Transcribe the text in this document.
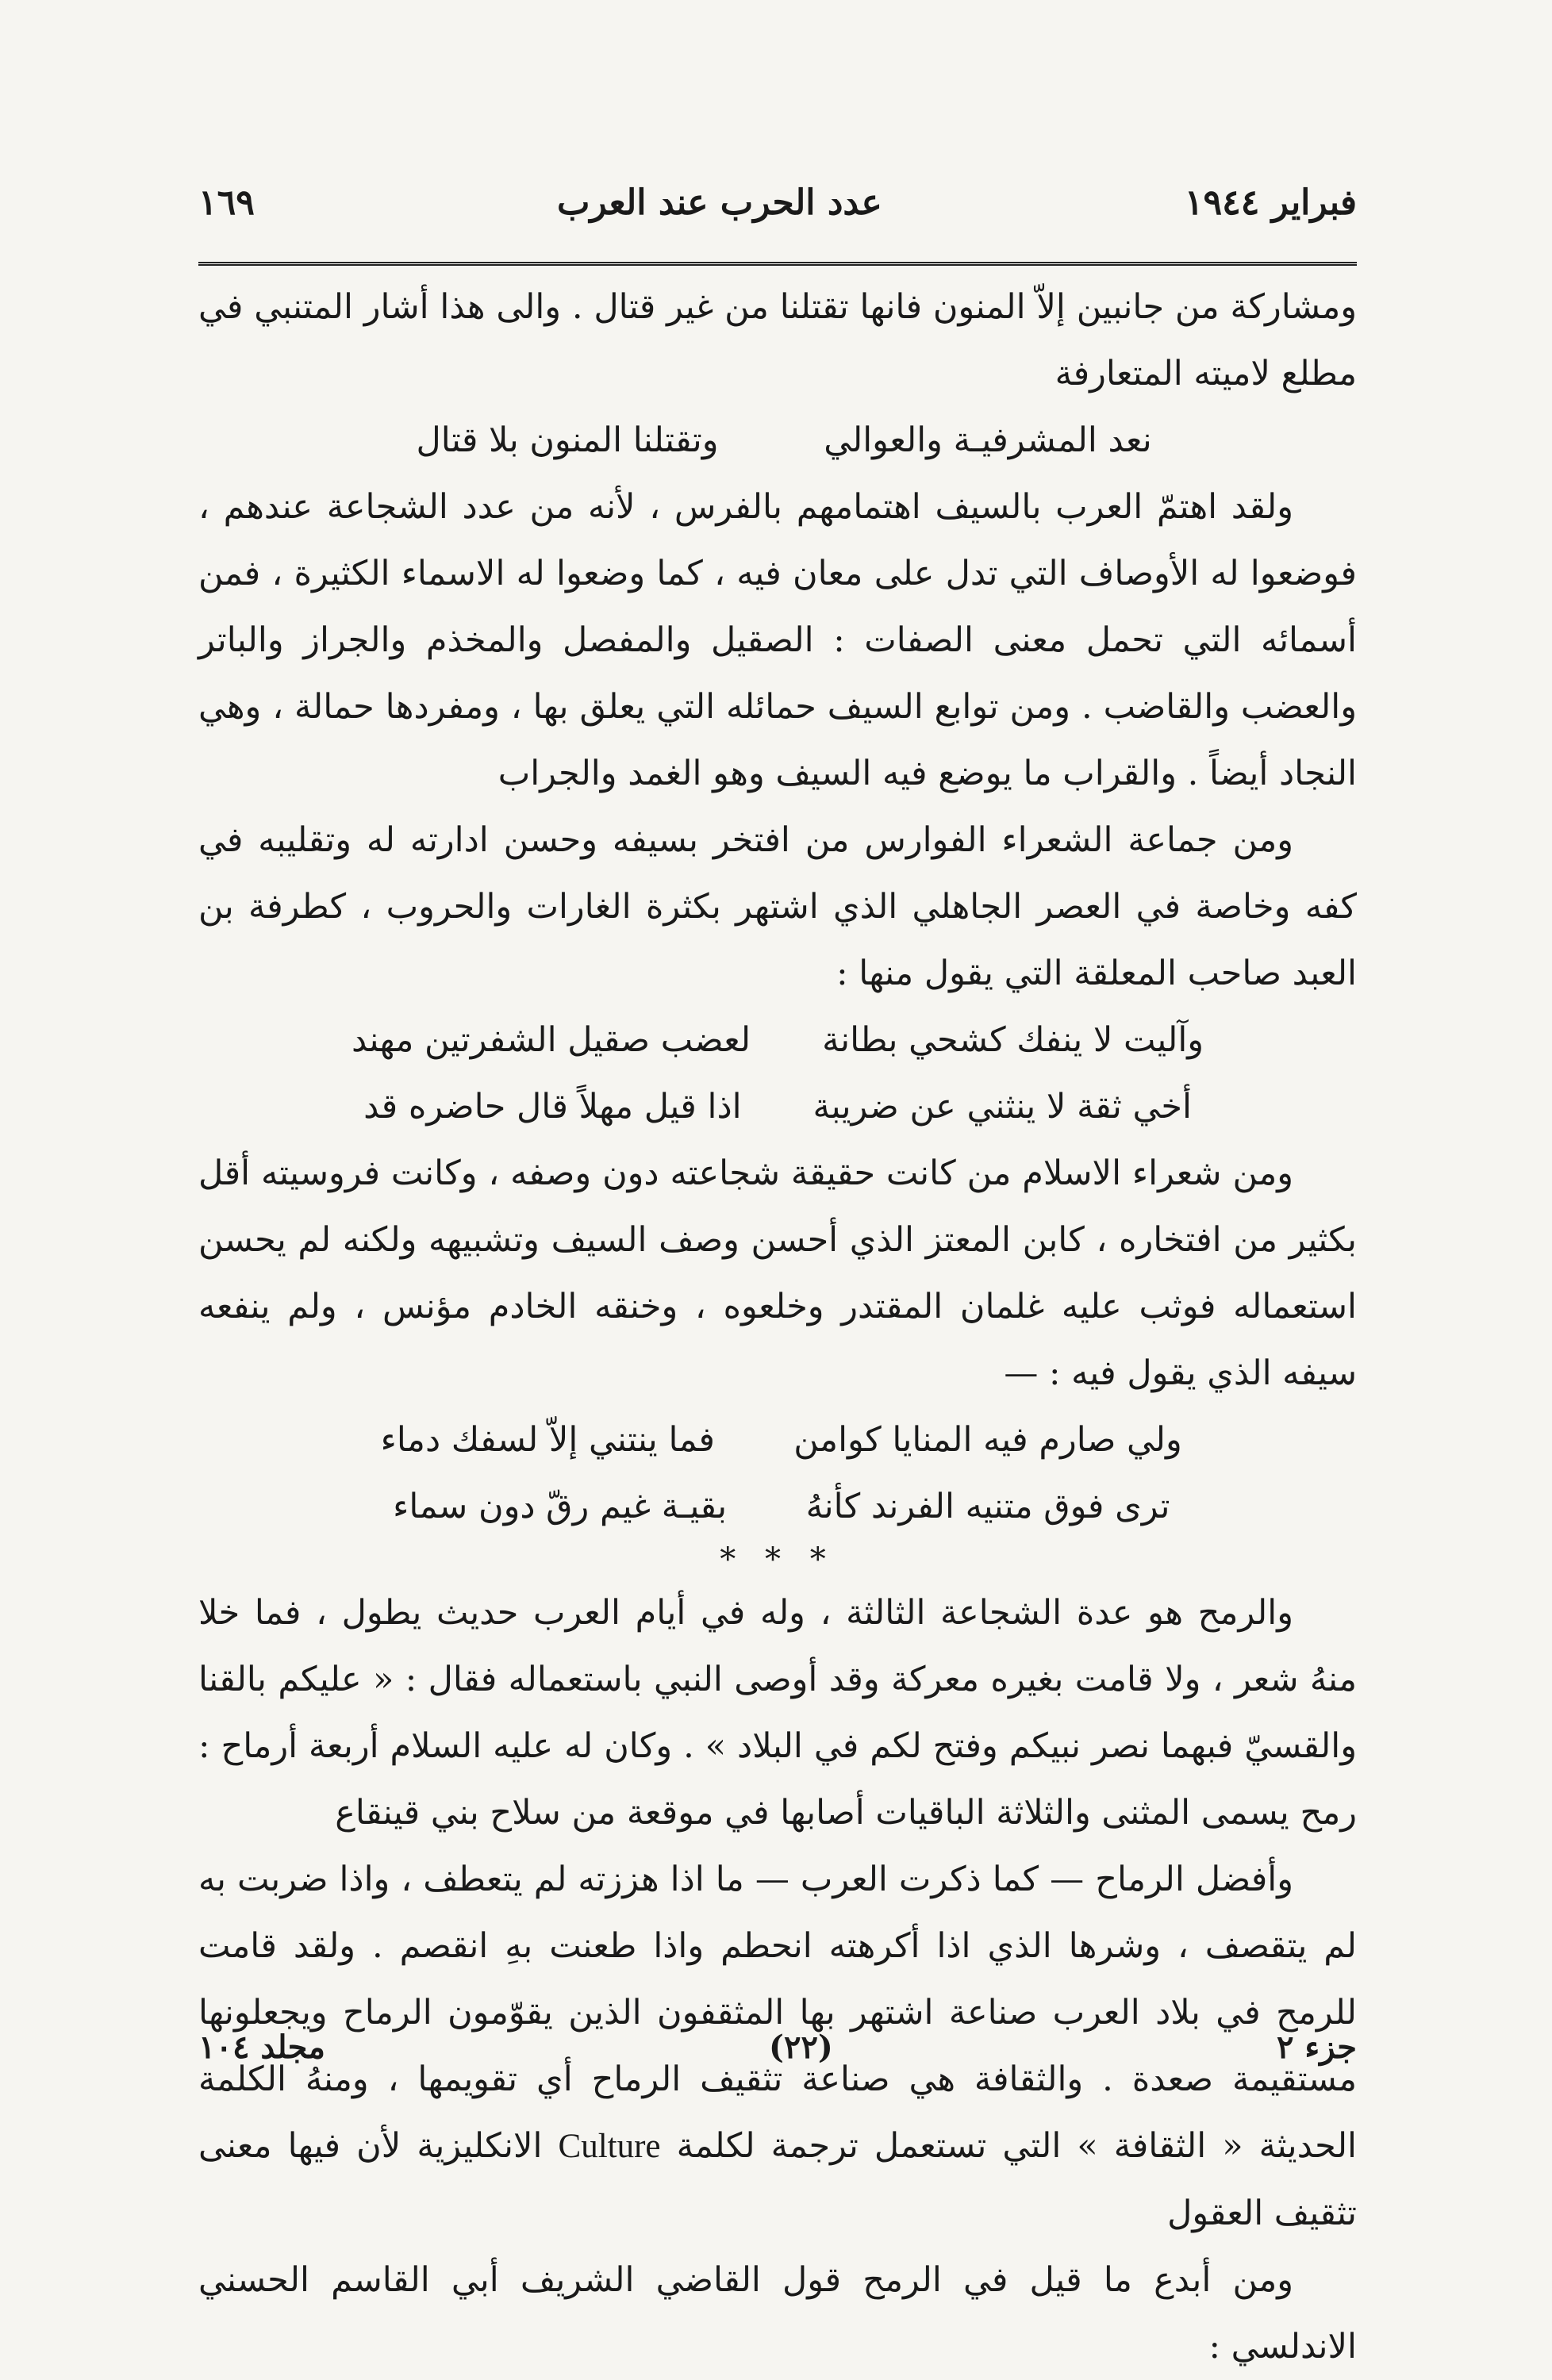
فبراير ١٩٤٤
عدد الحرب عند العرب
١٦٩

ومشاركة من جانبين إلاّ المنون فانها تقتلنا من غير قتال . والى هذا أشار المتنبي في مطلع لاميته المتعارفة

نعد المشرفيـة والعوالي
وتقتلنا المنون بلا قتال

ولقد اهتمّ العرب بالسيف اهتمامهم بالفرس ، لأنه من عدد الشجاعة عندهم ، فوضعوا له الأوصاف التي تدل على معان فيه ، كما وضعوا له الاسماء الكثيرة ، فمن أسمائه التي تحمل معنى الصفات : الصقيل والمفصل والمخذم والجراز والباتر والعضب والقاضب . ومن توابع السيف حمائله التي يعلق بها ، ومفردها حمالة ، وهي النجاد أيضاً . والقراب ما يوضع فيه السيف وهو الغمد والجراب

ومن جماعة الشعراء الفوارس من افتخر بسيفه وحسن ادارته له وتقليبه في كفه وخاصة في العصر الجاهلي الذي اشتهر بكثرة الغارات والحروب ، كطرفة بن العبد صاحب المعلقة التي يقول منها :

وآليت لا ينفك كشحي بطانة
لعضب صقيل الشفرتين مهند
أخي ثقة لا ينثني عن ضريبة
اذا قيل مهلاً قال حاضره قد

ومن شعراء الاسلام من كانت حقيقة شجاعته دون وصفه ، وكانت فروسيته أقل بكثير من افتخاره ، كابن المعتز الذي أحسن وصف السيف وتشبيهه ولكنه لم يحسن استعماله فوثب عليه غلمان المقتدر وخلعوه ، وخنقه الخادم مؤنس ، ولم ينفعه سيفه الذي يقول فيه : —

ولي صارم فيه المنايا كوامن
فما ينتني إلاّ لسفك دماء
ترى فوق متنيه الفرند كأنهُ
بقيـة غيم رقّ دون سماء
* * *

والرمح هو عدة الشجاعة الثالثة ، وله في أيام العرب حديث يطول ، فما خلا منهُ شعر ، ولا قامت بغيره معركة وقد أوصى النبي باستعماله فقال : « عليكم بالقنا والقسيّ فبهما نصر نبيكم وفتح لكم في البلاد » . وكان له عليه السلام أربعة أرماح : رمح يسمى المثنى والثلاثة الباقيات أصابها في موقعة من سلاح بني قينقاع

وأفضل الرماح — كما ذكرت العرب — ما اذا هززته لم يتعطف ، واذا ضربت به لم يتقصف ، وشرها الذي اذا أكرهته انحطم واذا طعنت بهِ انقصم . ولقد قامت للرمح في بلاد العرب صناعة اشتهر بها المثقفون الذين يقوّمون الرماح ويجعلونها مستقيمة صعدة . والثقافة هي صناعة تثقيف الرماح أي تقويمها ، ومنهُ الكلمة الحديثة « الثقافة » التي تستعمل ترجمة لكلمة Culture الانكليزية لأن فيها معنى تثقيف العقول

ومن أبدع ما قيل في الرمح قول القاضي الشريف أبي القاسم الحسني الاندلسي :

جزء ٢
(٢٢)
مجلد ١٠٤
